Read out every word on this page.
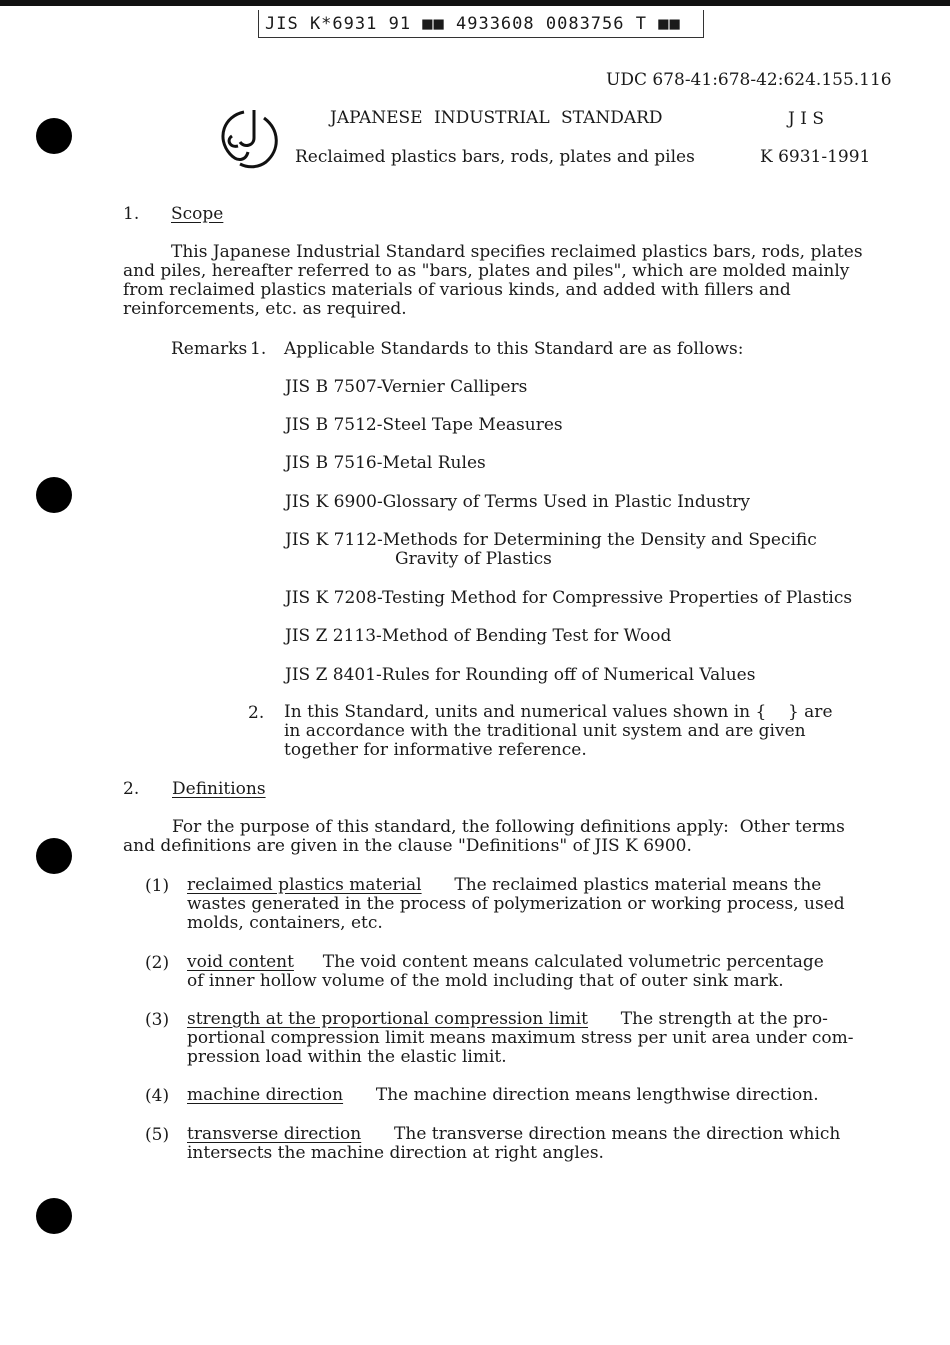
JIS K*6931 91 ■■ 4933608 0083756 T ■■
UDC 678-41:678-42:624.155.116
JAPANESE INDUSTRIAL STANDARD	J I S
Reclaimed plastics bars, rods, plates and piles	K 6931-1991
1. Scope
This Japanese Industrial Standard specifies reclaimed plastics bars, rods, plates
and piles, hereafter referred to as "bars, plates and piles", which are molded mainly
from reclaimed plastics materials of various kinds, and added with fillers and
reinforcements, etc. as required.
Remarks 1. Applicable Standards to this Standard are as follows:
JIS B 7507-Vernier Callipers
JIS B 7512-Steel Tape Measures
JIS B 7516-Metal Rules
JIS K 6900-Glossary of Terms Used in Plastic Industry
JIS K 7112-Methods for Determining the Density and Specific
Gravity of Plastics
JIS K 7208-Testing Method for Compressive Properties of Plastics
JIS Z 2113-Method of Bending Test for Wood
JIS Z 8401-Rules for Rounding off of Numerical Values
2. In this Standard, units and numerical values shown in {    } are
in accordance with the traditional unit system and are given
together for informative reference.
2. Definitions
For the purpose of this standard, the following definitions apply:  Other terms
and definitions are given in the clause "Definitions" of JIS K 6900.
(1) reclaimed plastics material The reclaimed plastics material means the
wastes generated in the process of polymerization or working process, used
molds, containers, etc.
(2) void content The void content means calculated volumetric percentage
of inner hollow volume of the mold including that of outer sink mark.
(3) strength at the proportional compression limit The strength at the pro-
portional compression limit means maximum stress per unit area under com-
pression load within the elastic limit.
(4) machine direction The machine direction means lengthwise direction.
(5) transverse direction The transverse direction means the direction which
intersects the machine direction at right angles.
